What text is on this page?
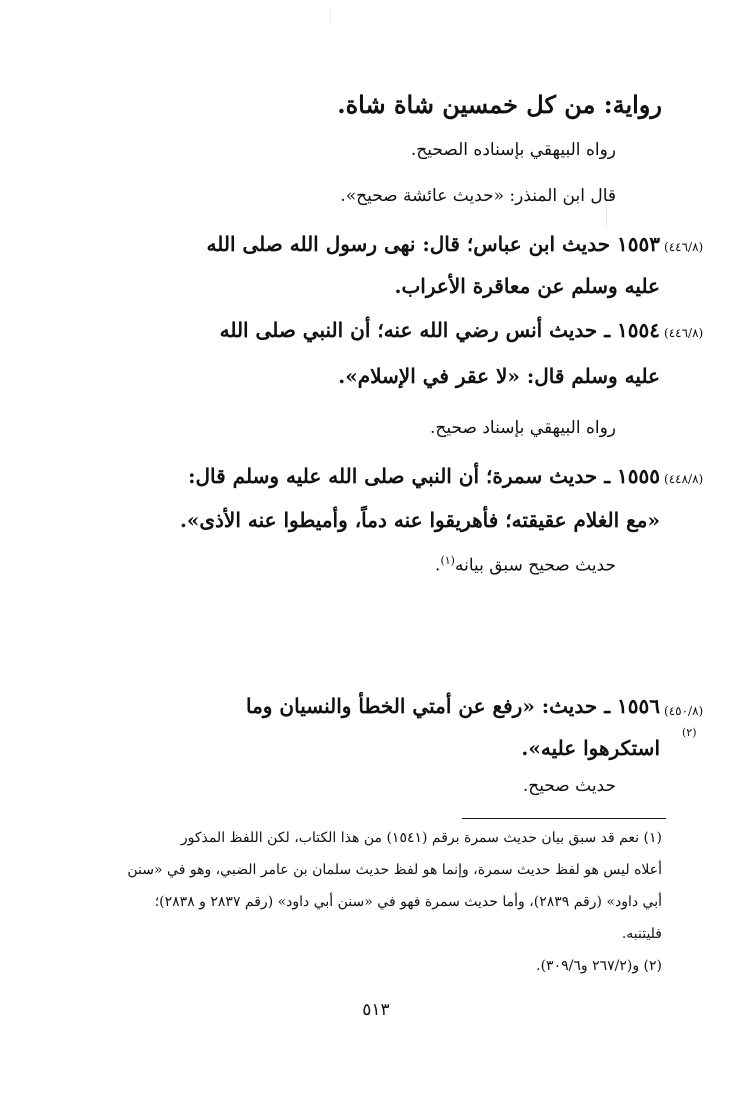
رواية: من كل خمسين شاة شاة.

رواه البيهقي بإسناده الصحيح.

قال ابن المنذر: «حديث عائشة صحيح».

(٤٤٦/٨)

١٥٥٣ حديث ابن عباس؛ قال: نهى رسول الله صلى الله

عليه وسلم عن معاقرة الأعراب.

(٤٤٦/٨)

١٥٥٤ ـ حديث أنس رضي الله عنه؛ أن النبي صلى الله

عليه وسلم قال: «لا عقر في الإسلام».

رواه البيهقي بإسناد صحيح.

(٤٤٨/٨)

١٥٥٥ ـ حديث سمرة؛ أن النبي صلى الله عليه وسلم قال:

«مع الغلام عقيقته؛ فأهريقوا عنه دماً، وأميطوا عنه الأذى».

حديث صحيح سبق بيانه$^{(١)}$.

(٤٥٠/٨)

١٥٥٦ ـ حديث: «رفع عن أمتي الخطأ والنسيان وما

(٢)

استكرهوا عليه».

حديث صحيح.

(١) نعم قد سبق بيان حديث سمرة برقم (١٥٤١) من هذا الكتاب، لكن اللفظ المذكور

أعلاه ليس هو لفظ حديث سمرة، وإنما هو لفظ حديث سلمان بن عامر الضبي، وهو في «سنن

أبي داود» (رقم ٢٨٣٩)، وأما حديث سمرة فهو في «سنن أبي داود» (رقم ٢٨٣٧ و ٢٨٣٨)؛

فليتنبه.

(٢) و(٢٦٧/٢ و٣٠٩/٦).

٥١٣
